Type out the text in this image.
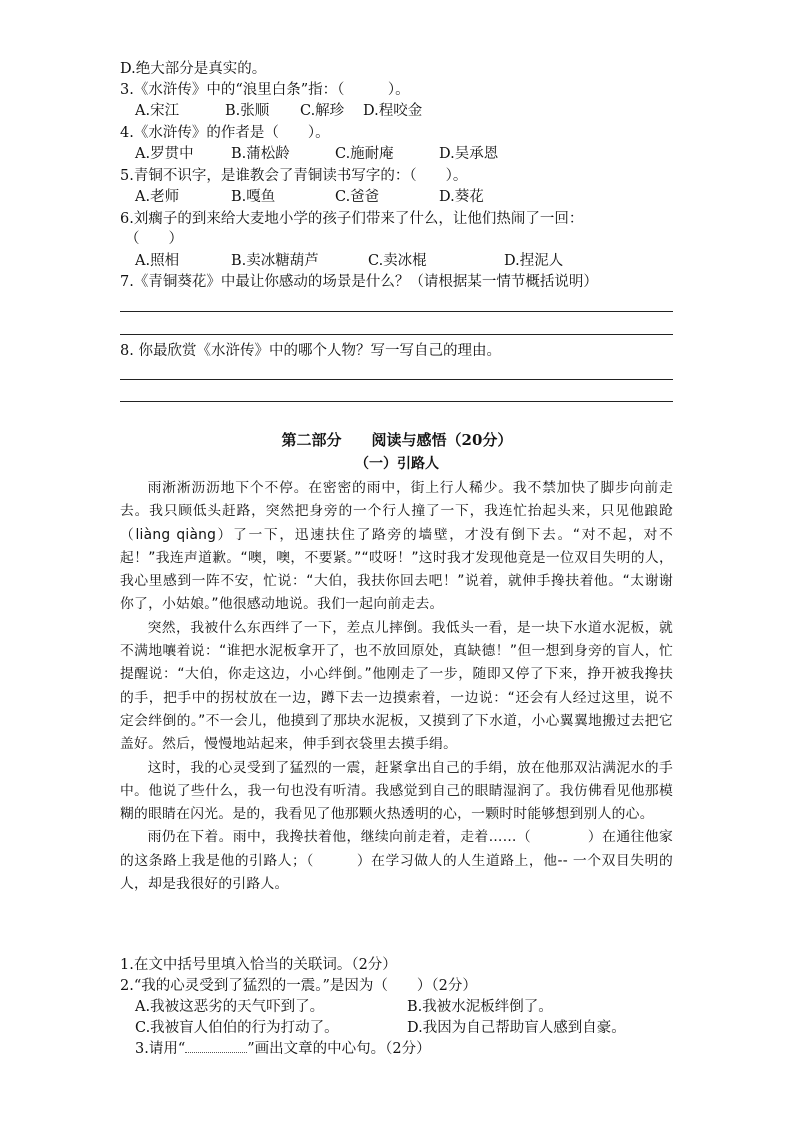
D.绝大部分是真实的。
3.《水浒传》中的“浪里白条”指：（　　　）。
A.宋江	B.张顺 C.解珍 D.程咬金
4.《水浒传》的作者是（　　）。
A.罗贯中	B.蒲松龄	C.施耐庵	D.吴承恩
5.青铜不识字，是谁教会了青铜读书写字的：（　　）。
A.老师	B.嘎鱼	C.爸爸	D.葵花
6.刘瘸子的到来给大麦地小学的孩子们带来了什么，让他们热闹了一回：
（　　）
A.照相	B.卖冰糖葫芦	C.卖冰棍	D.捏泥人
7.《青铜葵花》中最让你感动的场景是什么？（请根据某一情节概括说明）
8. 你最欣赏《水浒传》中的哪个人物？写一写自己的理由。
第二部分　　阅读与感悟（20分）
（一）引路人

雨淅淅沥沥地下个不停。在密密的雨中，街上行人稀少。我不禁加快了脚步向前走去。我只顾低头赶路，突然把身旁的一个行人撞了一下，我连忙抬起头来，只见他踉跄（liàng qiàng）了一下，迅速扶住了路旁的墙壁，才没有倒下去。“对不起，对不起！”我连声道歉。“噢，噢，不要紧。”“哎呀！”这时我才发现他竟是一位双目失明的人，我心里感到一阵不安，忙说：“大伯，我扶你回去吧！”说着，就伸手搀扶着他。“太谢谢你了，小姑娘。”他很感动地说。我们一起向前走去。

突然，我被什么东西绊了一下，差点儿摔倒。我低头一看，是一块下水道水泥板，就不满地嚷着说：“谁把水泥板拿开了，也不放回原处，真缺德！”但一想到身旁的盲人，忙提醒说：“大伯，你走这边，小心绊倒。”他刚走了一步，随即又停了下来，挣开被我搀扶的手，把手中的拐杖放在一边，蹲下去一边摸索着，一边说：“还会有人经过这里，说不定会绊倒的。”不一会儿，他摸到了那块水泥板，又摸到了下水道，小心翼翼地搬过去把它盖好。然后，慢慢地站起来，伸手到衣袋里去摸手绢。

这时，我的心灵受到了猛烈的一震，赶紧拿出自己的手绢，放在他那双沾满泥水的手中。他说了些什么，我一句也没有听清。我感觉到自己的眼睛湿润了。我仿佛看见他那模糊的眼睛在闪光。是的，我看见了他那颗火热透明的心，一颗时时能够想到别人的心。

雨仍在下着。雨中，我搀扶着他，继续向前走着，走着……（　　　　）在通往他家的这条路上我是他的引路人；（　　　）在学习做人的人生道路上，他-- 一个双目失明的人，却是我很好的引路人。

1.在文中括号里填入恰当的关联词。（2分）
2.“我的心灵受到了猛烈的一震。”是因为（　　）（2分）
A.我被这恶劣的天气吓到了。	B.我被水泥板绊倒了。
C.我被盲人伯伯的行为打动了。	D.我因为自己帮助盲人感到自豪。
3.请用“	”画出文章的中心句。（2分）
